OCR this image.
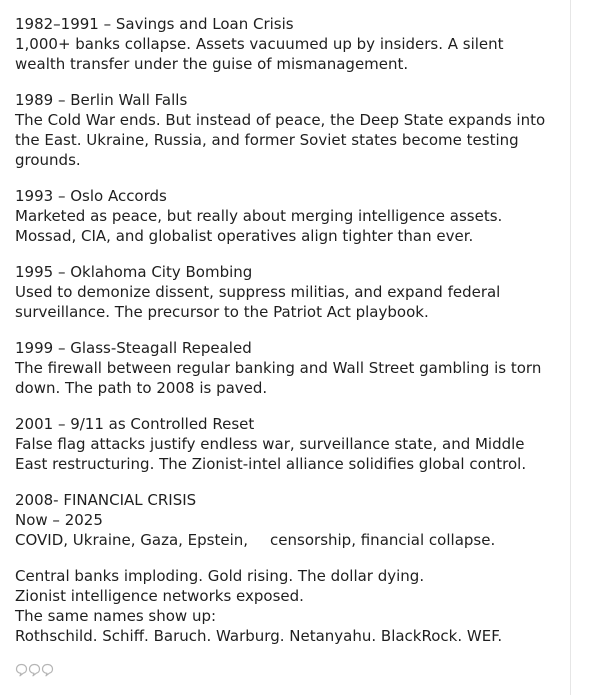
1982–1991 – Savings and Loan Crisis
1,000+ banks collapse. Assets vacuumed up by insiders. A silent
wealth transfer under the guise of mismanagement.
1989 – Berlin Wall Falls
The Cold War ends. But instead of peace, the Deep State expands into
the East. Ukraine, Russia, and former Soviet states become testing
grounds.
1993 – Oslo Accords
Marketed as peace, but really about merging intelligence assets.
Mossad, CIA, and globalist operatives align tighter than ever.
1995 – Oklahoma City Bombing
Used to demonize dissent, suppress militias, and expand federal
surveillance. The precursor to the Patriot Act playbook.
1999 – Glass-Steagall Repealed
The firewall between regular banking and Wall Street gambling is torn
down. The path to 2008 is paved.
2001 – 9/11 as Controlled Reset
False flag attacks justify endless war, surveillance state, and Middle
East restructuring. The Zionist-intel alliance solidifies global control.
2008- FINANCIAL CRISIS
Now – 2025
COVID, Ukraine, Gaza, Epstein, censorship, financial collapse.
Central banks imploding. Gold rising. The dollar dying.
Zionist intelligence networks exposed.
The same names show up:
Rothschild. Schiff. Baruch. Warburg. Netanyahu. BlackRock. WEF.
